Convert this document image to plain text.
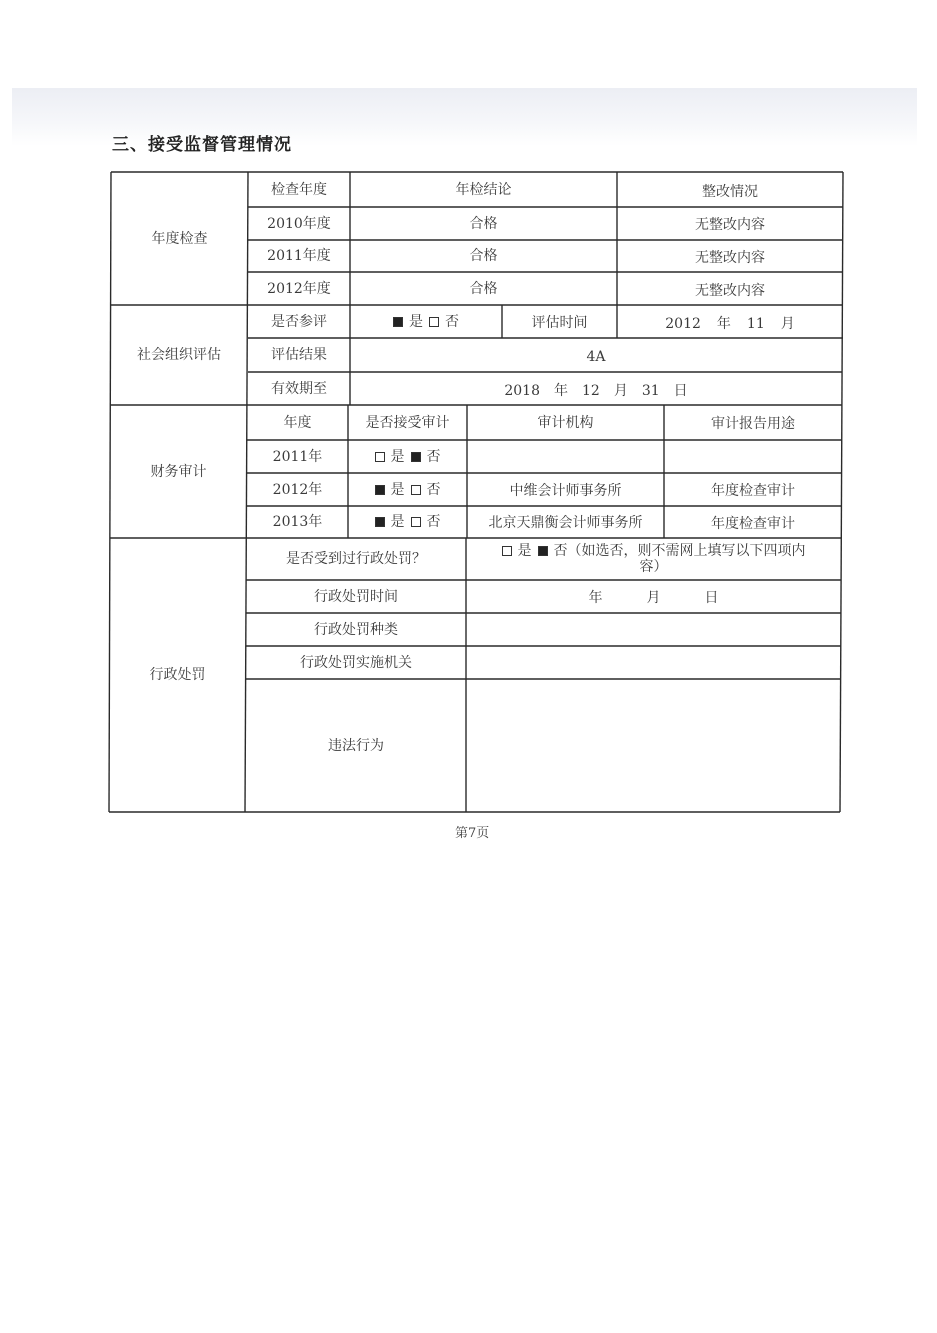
三、接受监督管理情况
年度检查
检查年度	年检结论	整改情况
2010年度	合格	无整改内容
2011年度	合格	无整改内容
2012年度	合格	无整改内容
社会组织评估
是否参评	是 否	评估时间	2012 年 11 月
评估结果	4A
有效期至	2018 年 12 月 31 日
财务审计
年度	是否接受审计	审计机构	审计报告用途
2011年	是 否
2012年	是 否	中维会计师事务所	年度检查审计
2013年	是 否	北京天鼎衡会计师事务所	年度检查审计
行政处罚
是否受到过行政处罚？	是 否（如选否，则不需网上填写以下四项内
容）
行政处罚时间	年	月	日
行政处罚种类
行政处罚实施机关
违法行为
第7页
